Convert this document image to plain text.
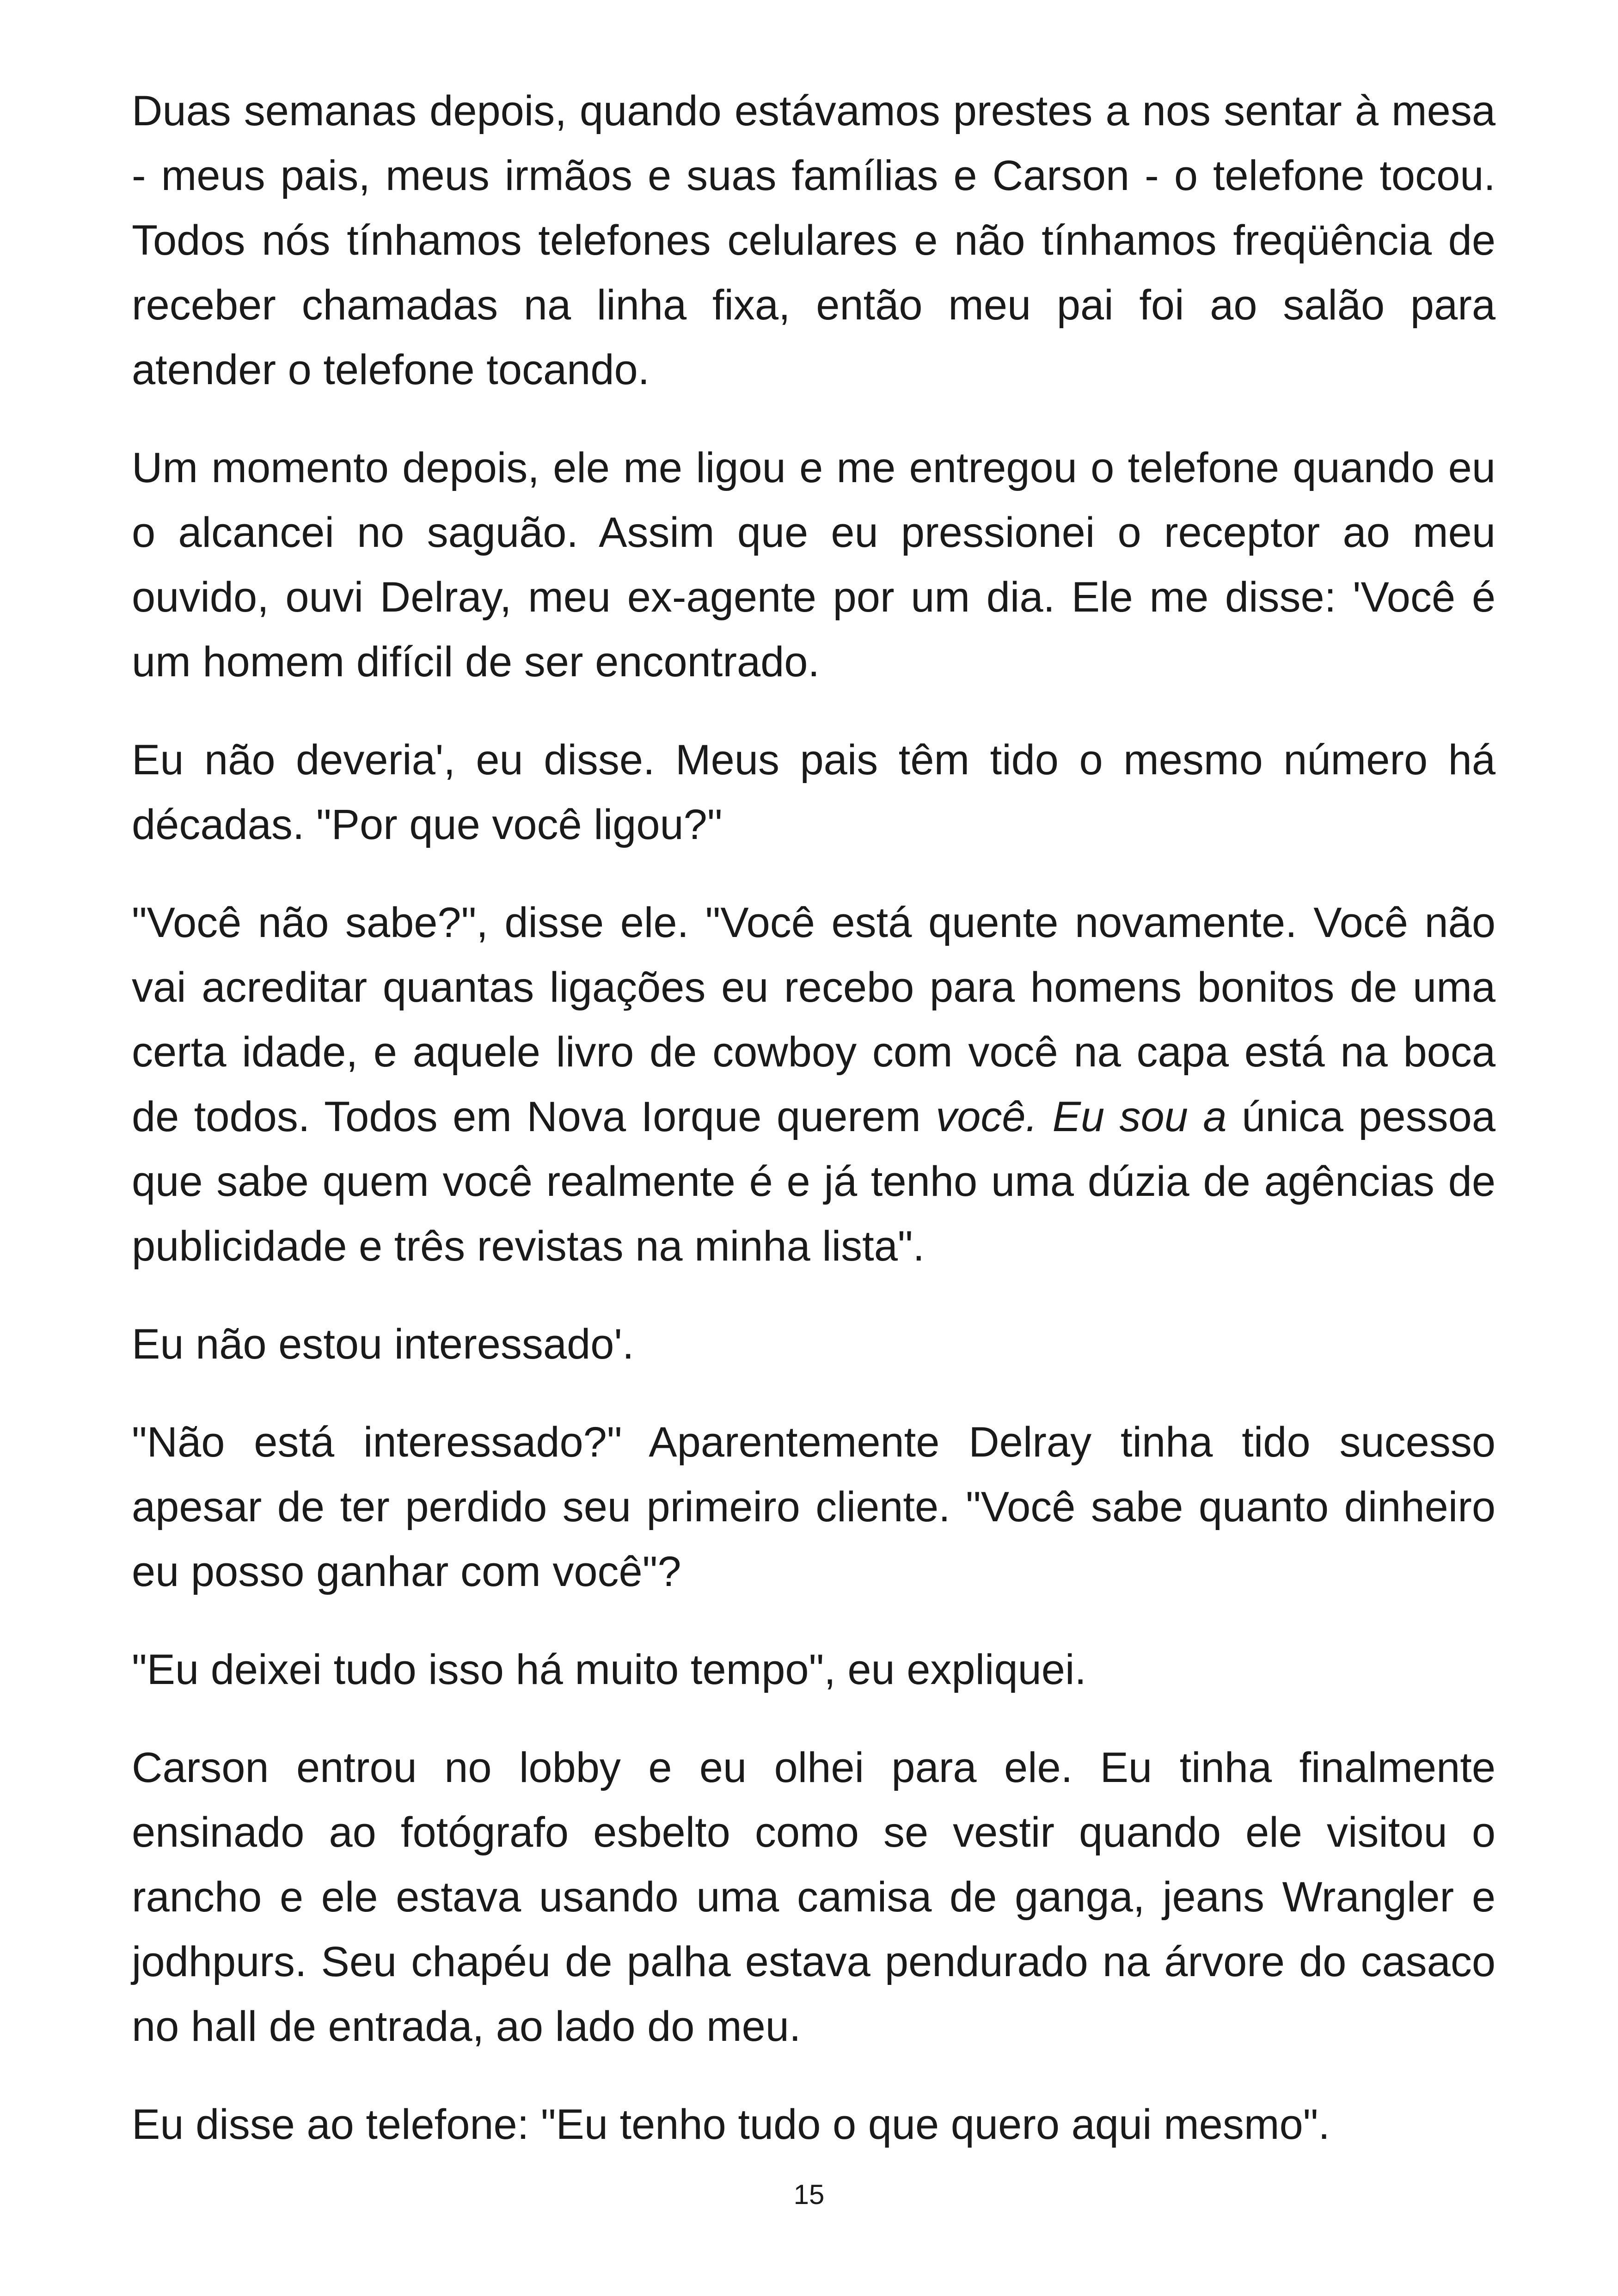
Duas semanas depois, quando estávamos prestes a nos sentar à mesa - meus pais, meus irmãos e suas famílias e Carson - o telefone tocou. Todos nós tínhamos telefones celulares e não tínhamos freqüência de receber chamadas na linha fixa, então meu pai foi ao salão para atender o telefone tocando.

Um momento depois, ele me ligou e me entregou o telefone quando eu o alcancei no saguão. Assim que eu pressionei o receptor ao meu ouvido, ouvi Delray, meu ex-agente por um dia. Ele me disse: 'Você é um homem difícil de ser encontrado.

Eu não deveria', eu disse. Meus pais têm tido o mesmo número há décadas. "Por que você ligou?"

"Você não sabe?", disse ele. "Você está quente novamente. Você não vai acreditar quantas ligações eu recebo para homens bonitos de uma certa idade, e aquele livro de cowboy com você na capa está na boca de todos. Todos em Nova Iorque querem você. Eu sou a única pessoa que sabe quem você realmente é e já tenho uma dúzia de agências de publicidade e três revistas na minha lista".

Eu não estou interessado'.

"Não está interessado?" Aparentemente Delray tinha tido sucesso apesar de ter perdido seu primeiro cliente. "Você sabe quanto dinheiro eu posso ganhar com você"?

"Eu deixei tudo isso há muito tempo", eu expliquei.

Carson entrou no lobby e eu olhei para ele. Eu tinha finalmente ensinado ao fotógrafo esbelto como se vestir quando ele visitou o rancho e ele estava usando uma camisa de ganga, jeans Wrangler e jodhpurs. Seu chapéu de palha estava pendurado na árvore do casaco no hall de entrada, ao lado do meu.

Eu disse ao telefone: "Eu tenho tudo o que quero aqui mesmo".

15
